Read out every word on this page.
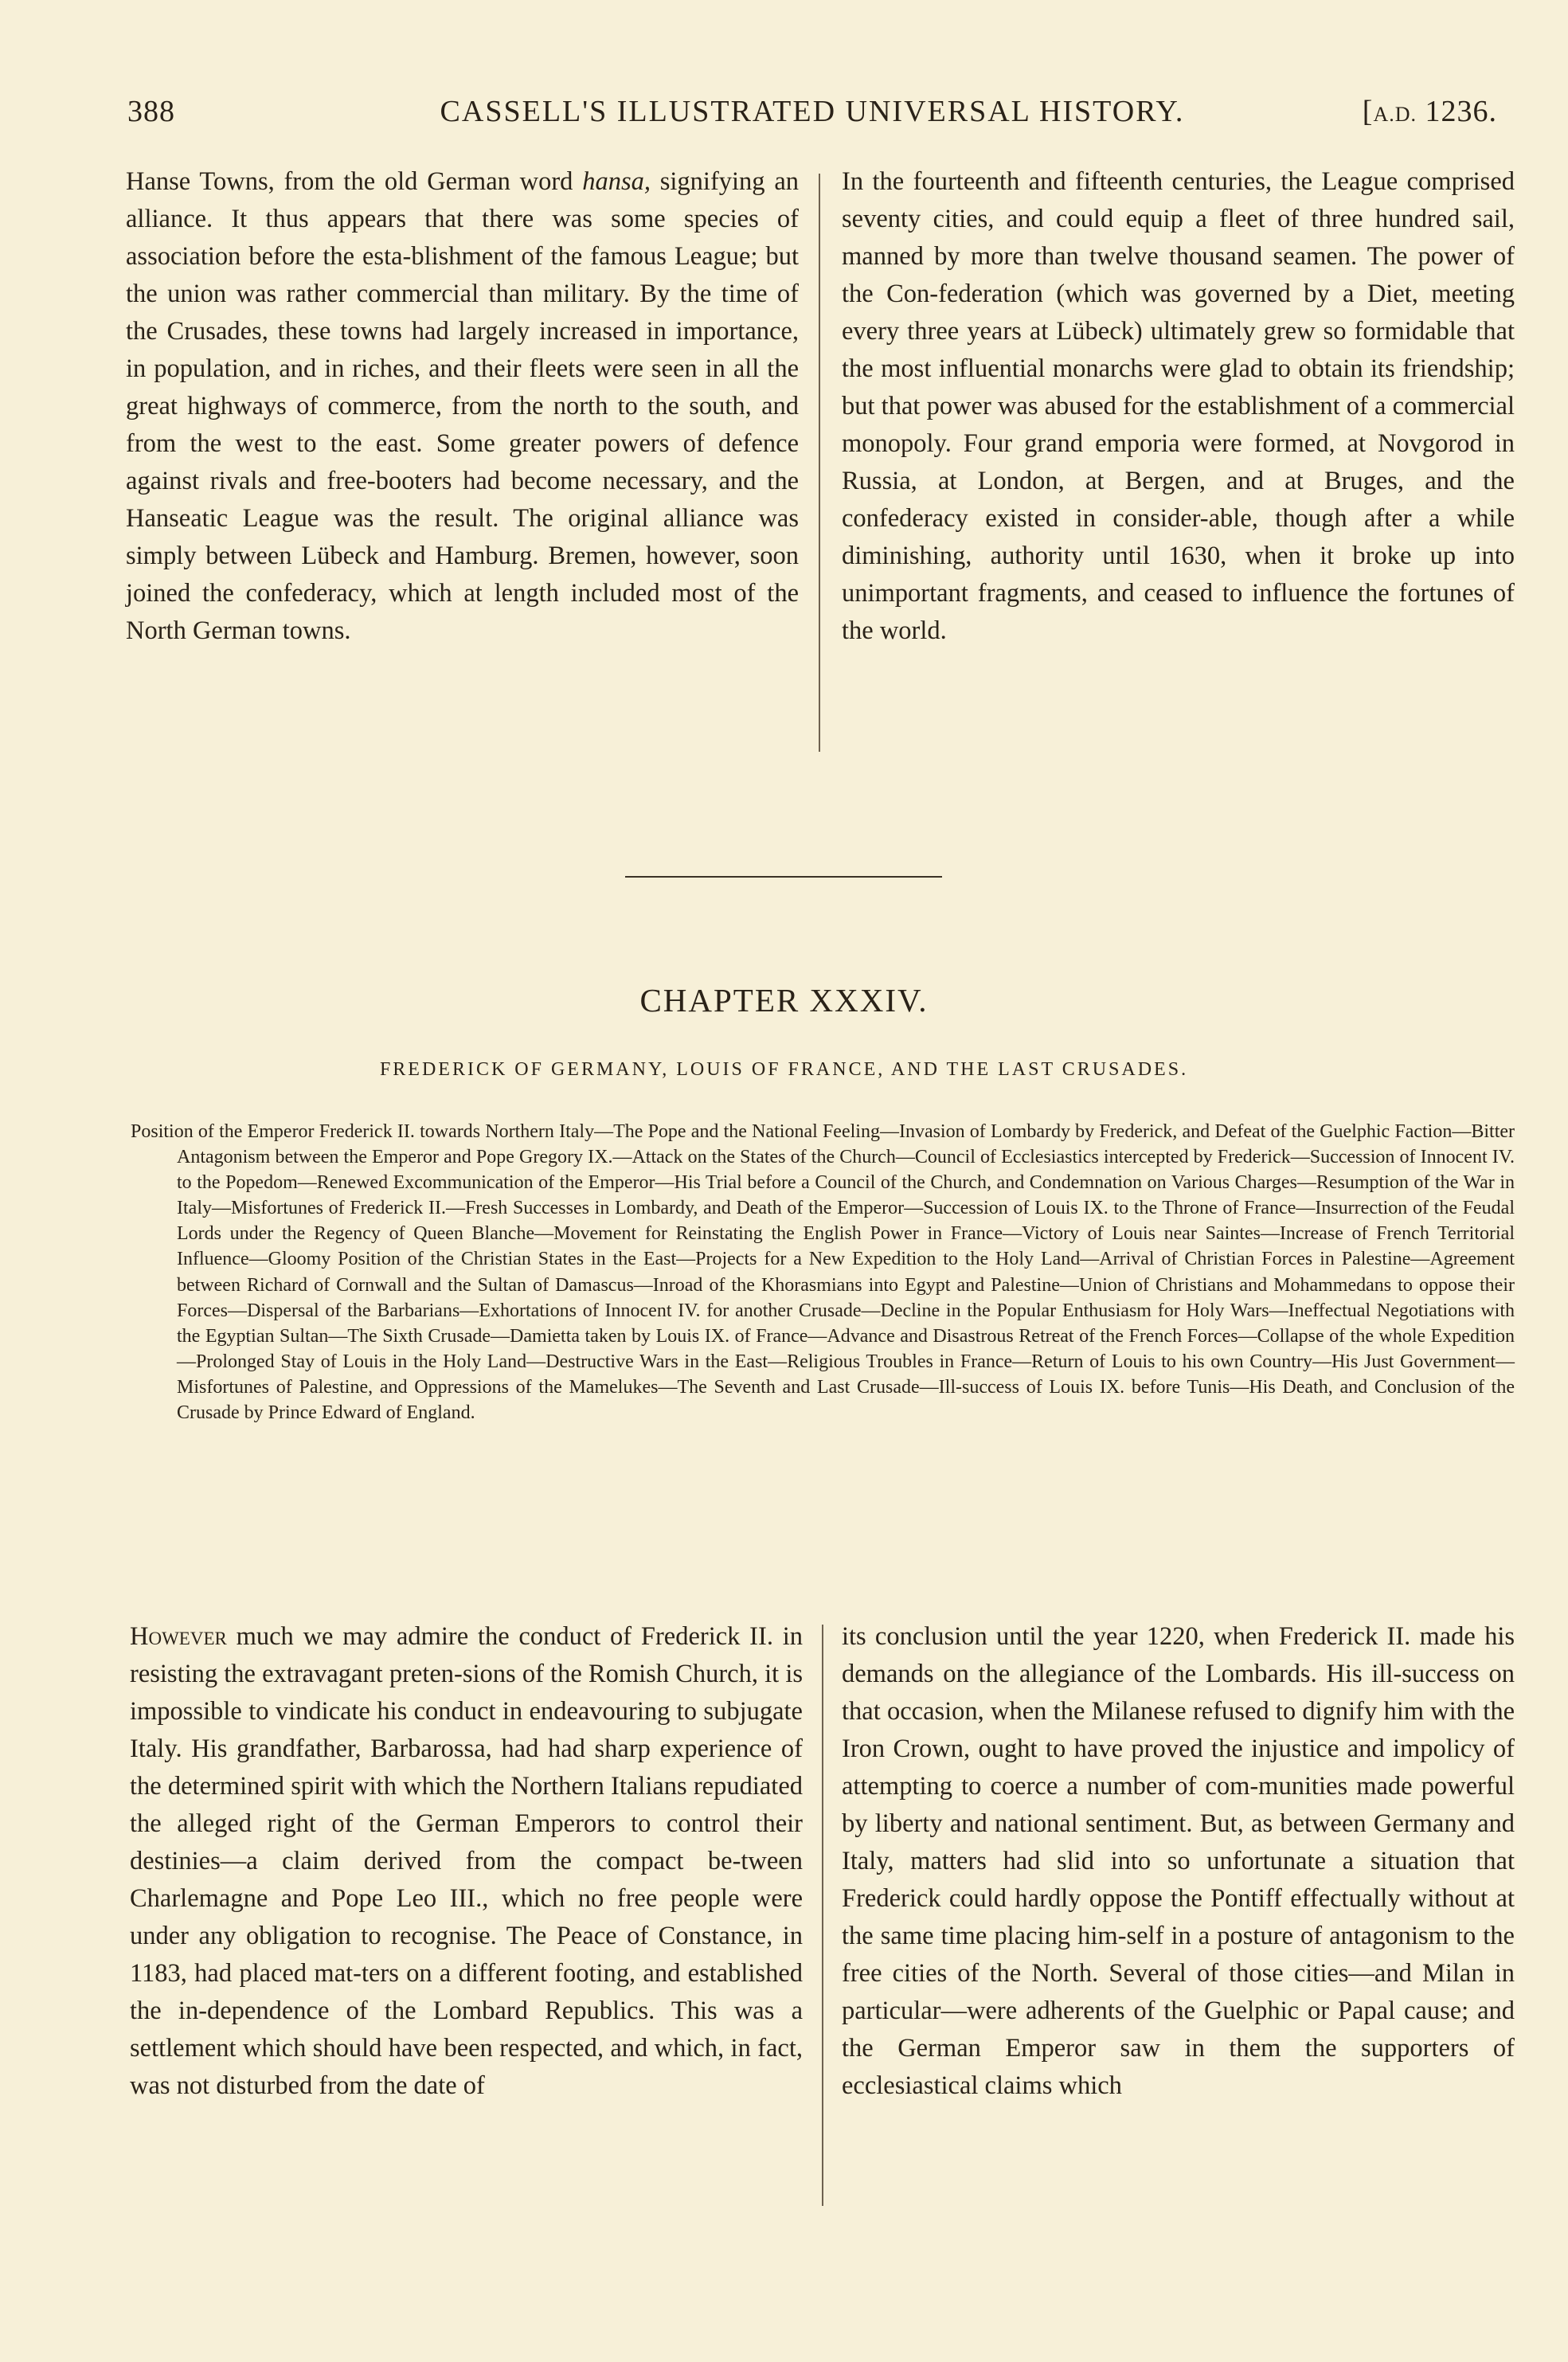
388	CASSELL'S ILLUSTRATED UNIVERSAL HISTORY.	[A.D. 1236.

Hanse Towns, from the old German word hansa, signifying an alliance. It thus appears that there was some species of association before the esta-blishment of the famous League; but the union was rather commercial than military. By the time of the Crusades, these towns had largely increased in importance, in population, and in riches, and their fleets were seen in all the great highways of commerce, from the north to the south, and from the west to the east. Some greater powers of defence against rivals and free-booters had become necessary, and the Hanseatic League was the result. The original alliance was simply between Lübeck and Hamburg. Bremen, however, soon joined the confederacy, which at length included most of the North German towns.

In the fourteenth and fifteenth centuries, the League comprised seventy cities, and could equip a fleet of three hundred sail, manned by more than twelve thousand seamen. The power of the Con-federation (which was governed by a Diet, meeting every three years at Lübeck) ultimately grew so formidable that the most influential monarchs were glad to obtain its friendship; but that power was abused for the establishment of a commercial monopoly. Four grand emporia were formed, at Novgorod in Russia, at London, at Bergen, and at Bruges, and the confederacy existed in consider-able, though after a while diminishing, authority until 1630, when it broke up into unimportant fragments, and ceased to influence the fortunes of the world.

CHAPTER XXXIV.
FREDERICK OF GERMANY, LOUIS OF FRANCE, AND THE LAST CRUSADES.
Position of the Emperor Frederick II. towards Northern Italy—The Pope and the National Feeling—Invasion of Lombardy by Frederick, and Defeat of the Guelphic Faction—Bitter Antagonism between the Emperor and Pope Gregory IX.—Attack on the States of the Church—Council of Ecclesiastics intercepted by Frederick—Succession of Innocent IV. to the Popedom—Renewed Excommunication of the Emperor—His Trial before a Council of the Church, and Condemnation on Various Charges—Resumption of the War in Italy—Misfortunes of Frederick II.—Fresh Successes in Lombardy, and Death of the Emperor—Succession of Louis IX. to the Throne of France—Insurrection of the Feudal Lords under the Regency of Queen Blanche—Movement for Reinstating the English Power in France—Victory of Louis near Saintes—Increase of French Territorial Influence—Gloomy Position of the Christian States in the East—Projects for a New Expedition to the Holy Land—Arrival of Christian Forces in Palestine—Agreement between Richard of Cornwall and the Sultan of Damascus—Inroad of the Khorasmians into Egypt and Palestine—Union of Christians and Mohammedans to oppose their Forces—Dispersal of the Barbarians—Exhortations of Innocent IV. for another Crusade—Decline in the Popular Enthusiasm for Holy Wars—Ineffectual Negotiations with the Egyptian Sultan—The Sixth Crusade—Damietta taken by Louis IX. of France—Advance and Disastrous Retreat of the French Forces—Collapse of the whole Expedition—Prolonged Stay of Louis in the Holy Land—Destructive Wars in the East—Religious Troubles in France—Return of Louis to his own Country—His Just Government—Misfortunes of Palestine, and Oppressions of the Mamelukes—The Seventh and Last Crusade—Ill-success of Louis IX. before Tunis—His Death, and Conclusion of the Crusade by Prince Edward of England.

However much we may admire the conduct of Frederick II. in resisting the extravagant preten-sions of the Romish Church, it is impossible to vindicate his conduct in endeavouring to subjugate Italy. His grandfather, Barbarossa, had had sharp experience of the determined spirit with which the Northern Italians repudiated the alleged right of the German Emperors to control their destinies—a claim derived from the compact be-tween Charlemagne and Pope Leo III., which no free people were under any obligation to recognise. The Peace of Constance, in 1183, had placed mat-ters on a different footing, and established the in-dependence of the Lombard Republics. This was a settlement which should have been respected, and which, in fact, was not disturbed from the date of

its conclusion until the year 1220, when Frederick II. made his demands on the allegiance of the Lombards. His ill-success on that occasion, when the Milanese refused to dignify him with the Iron Crown, ought to have proved the injustice and impolicy of attempting to coerce a number of com-munities made powerful by liberty and national sentiment. But, as between Germany and Italy, matters had slid into so unfortunate a situation that Frederick could hardly oppose the Pontiff effectually without at the same time placing him-self in a posture of antagonism to the free cities of the North. Several of those cities—and Milan in particular—were adherents of the Guelphic or Papal cause; and the German Emperor saw in them the supporters of ecclesiastical claims which
